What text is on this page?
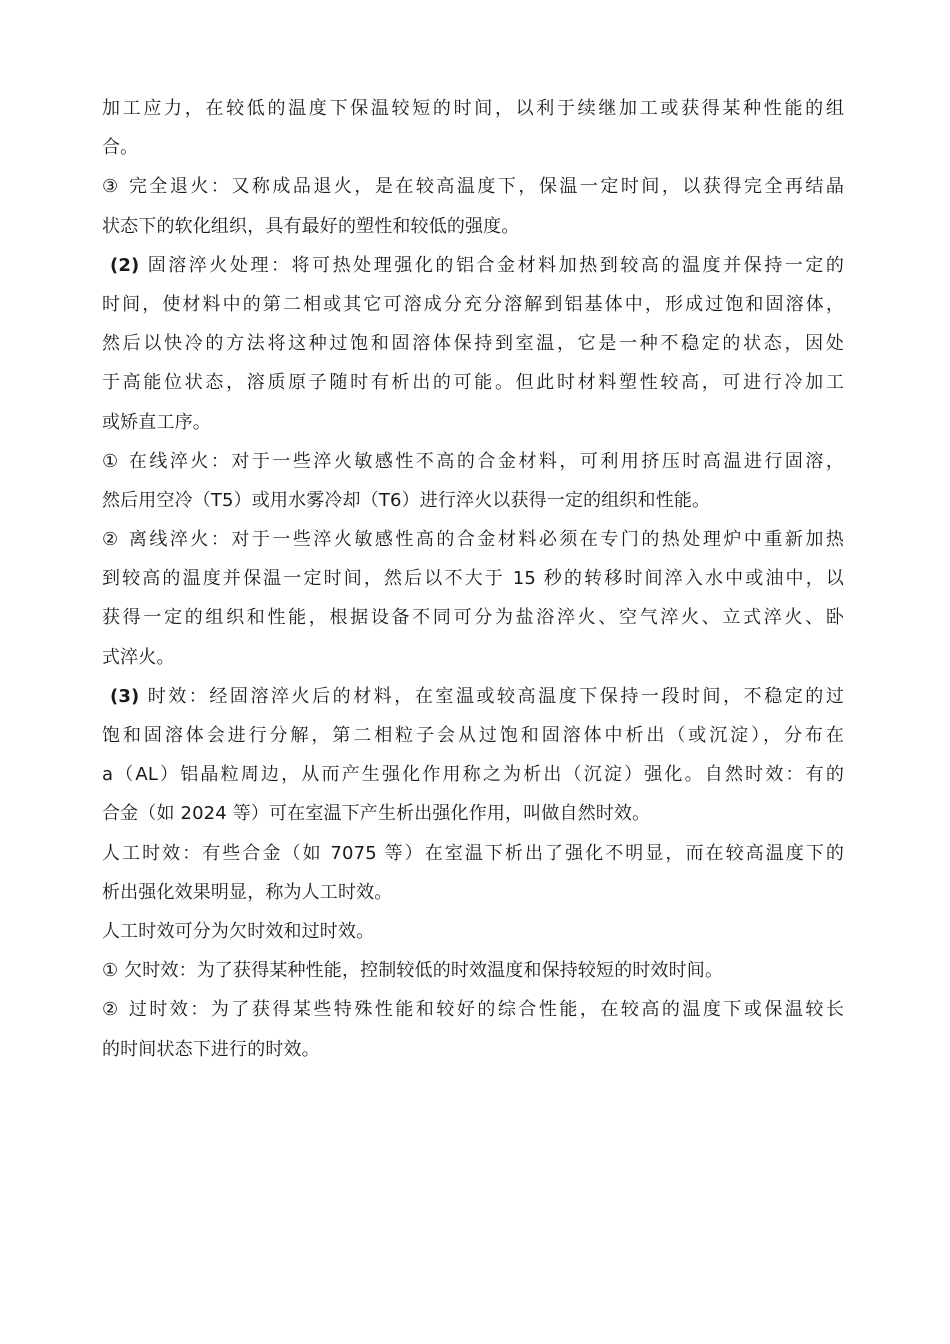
加工应力，在较低的温度下保温较短的时间，以利于续继加工或获得某种性能的组
合。
③ 完全退火：又称成品退火，是在较高温度下，保温一定时间，以获得完全再结晶
状态下的软化组织，具有最好的塑性和较低的强度。
(2) 固溶淬火处理：将可热处理强化的铝合金材料加热到较高的温度并保持一定的
时间，使材料中的第二相或其它可溶成分充分溶解到铝基体中，形成过饱和固溶体，
然后以快冷的方法将这种过饱和固溶体保持到室温，它是一种不稳定的状态，因处
于高能位状态，溶质原子随时有析出的可能。但此时材料塑性较高，可进行冷加工
或矫直工序。
① 在线淬火：对于一些淬火敏感性不高的合金材料，可利用挤压时高温进行固溶，
然后用空冷（T5）或用水雾冷却（T6）进行淬火以获得一定的组织和性能。
② 离线淬火：对于一些淬火敏感性高的合金材料必须在专门的热处理炉中重新加热
到较高的温度并保温一定时间，然后以不大于 15 秒的转移时间淬入水中或油中，以
获得一定的组织和性能，根据设备不同可分为盐浴淬火、空气淬火、立式淬火、卧
式淬火。
(3) 时效：经固溶淬火后的材料，在室温或较高温度下保持一段时间，不稳定的过
饱和固溶体会进行分解，第二相粒子会从过饱和固溶体中析出（或沉淀），分布在
a（AL）铝晶粒周边，从而产生强化作用称之为析出（沉淀）强化。自然时效：有的
合金（如 2024 等）可在室温下产生析出强化作用，叫做自然时效。
人工时效：有些合金（如 7075 等）在室温下析出了强化不明显，而在较高温度下的
析出强化效果明显，称为人工时效。
人工时效可分为欠时效和过时效。
① 欠时效：为了获得某种性能，控制较低的时效温度和保持较短的时效时间。
② 过时效：为了获得某些特殊性能和较好的综合性能，在较高的温度下或保温较长
的时间状态下进行的时效。
